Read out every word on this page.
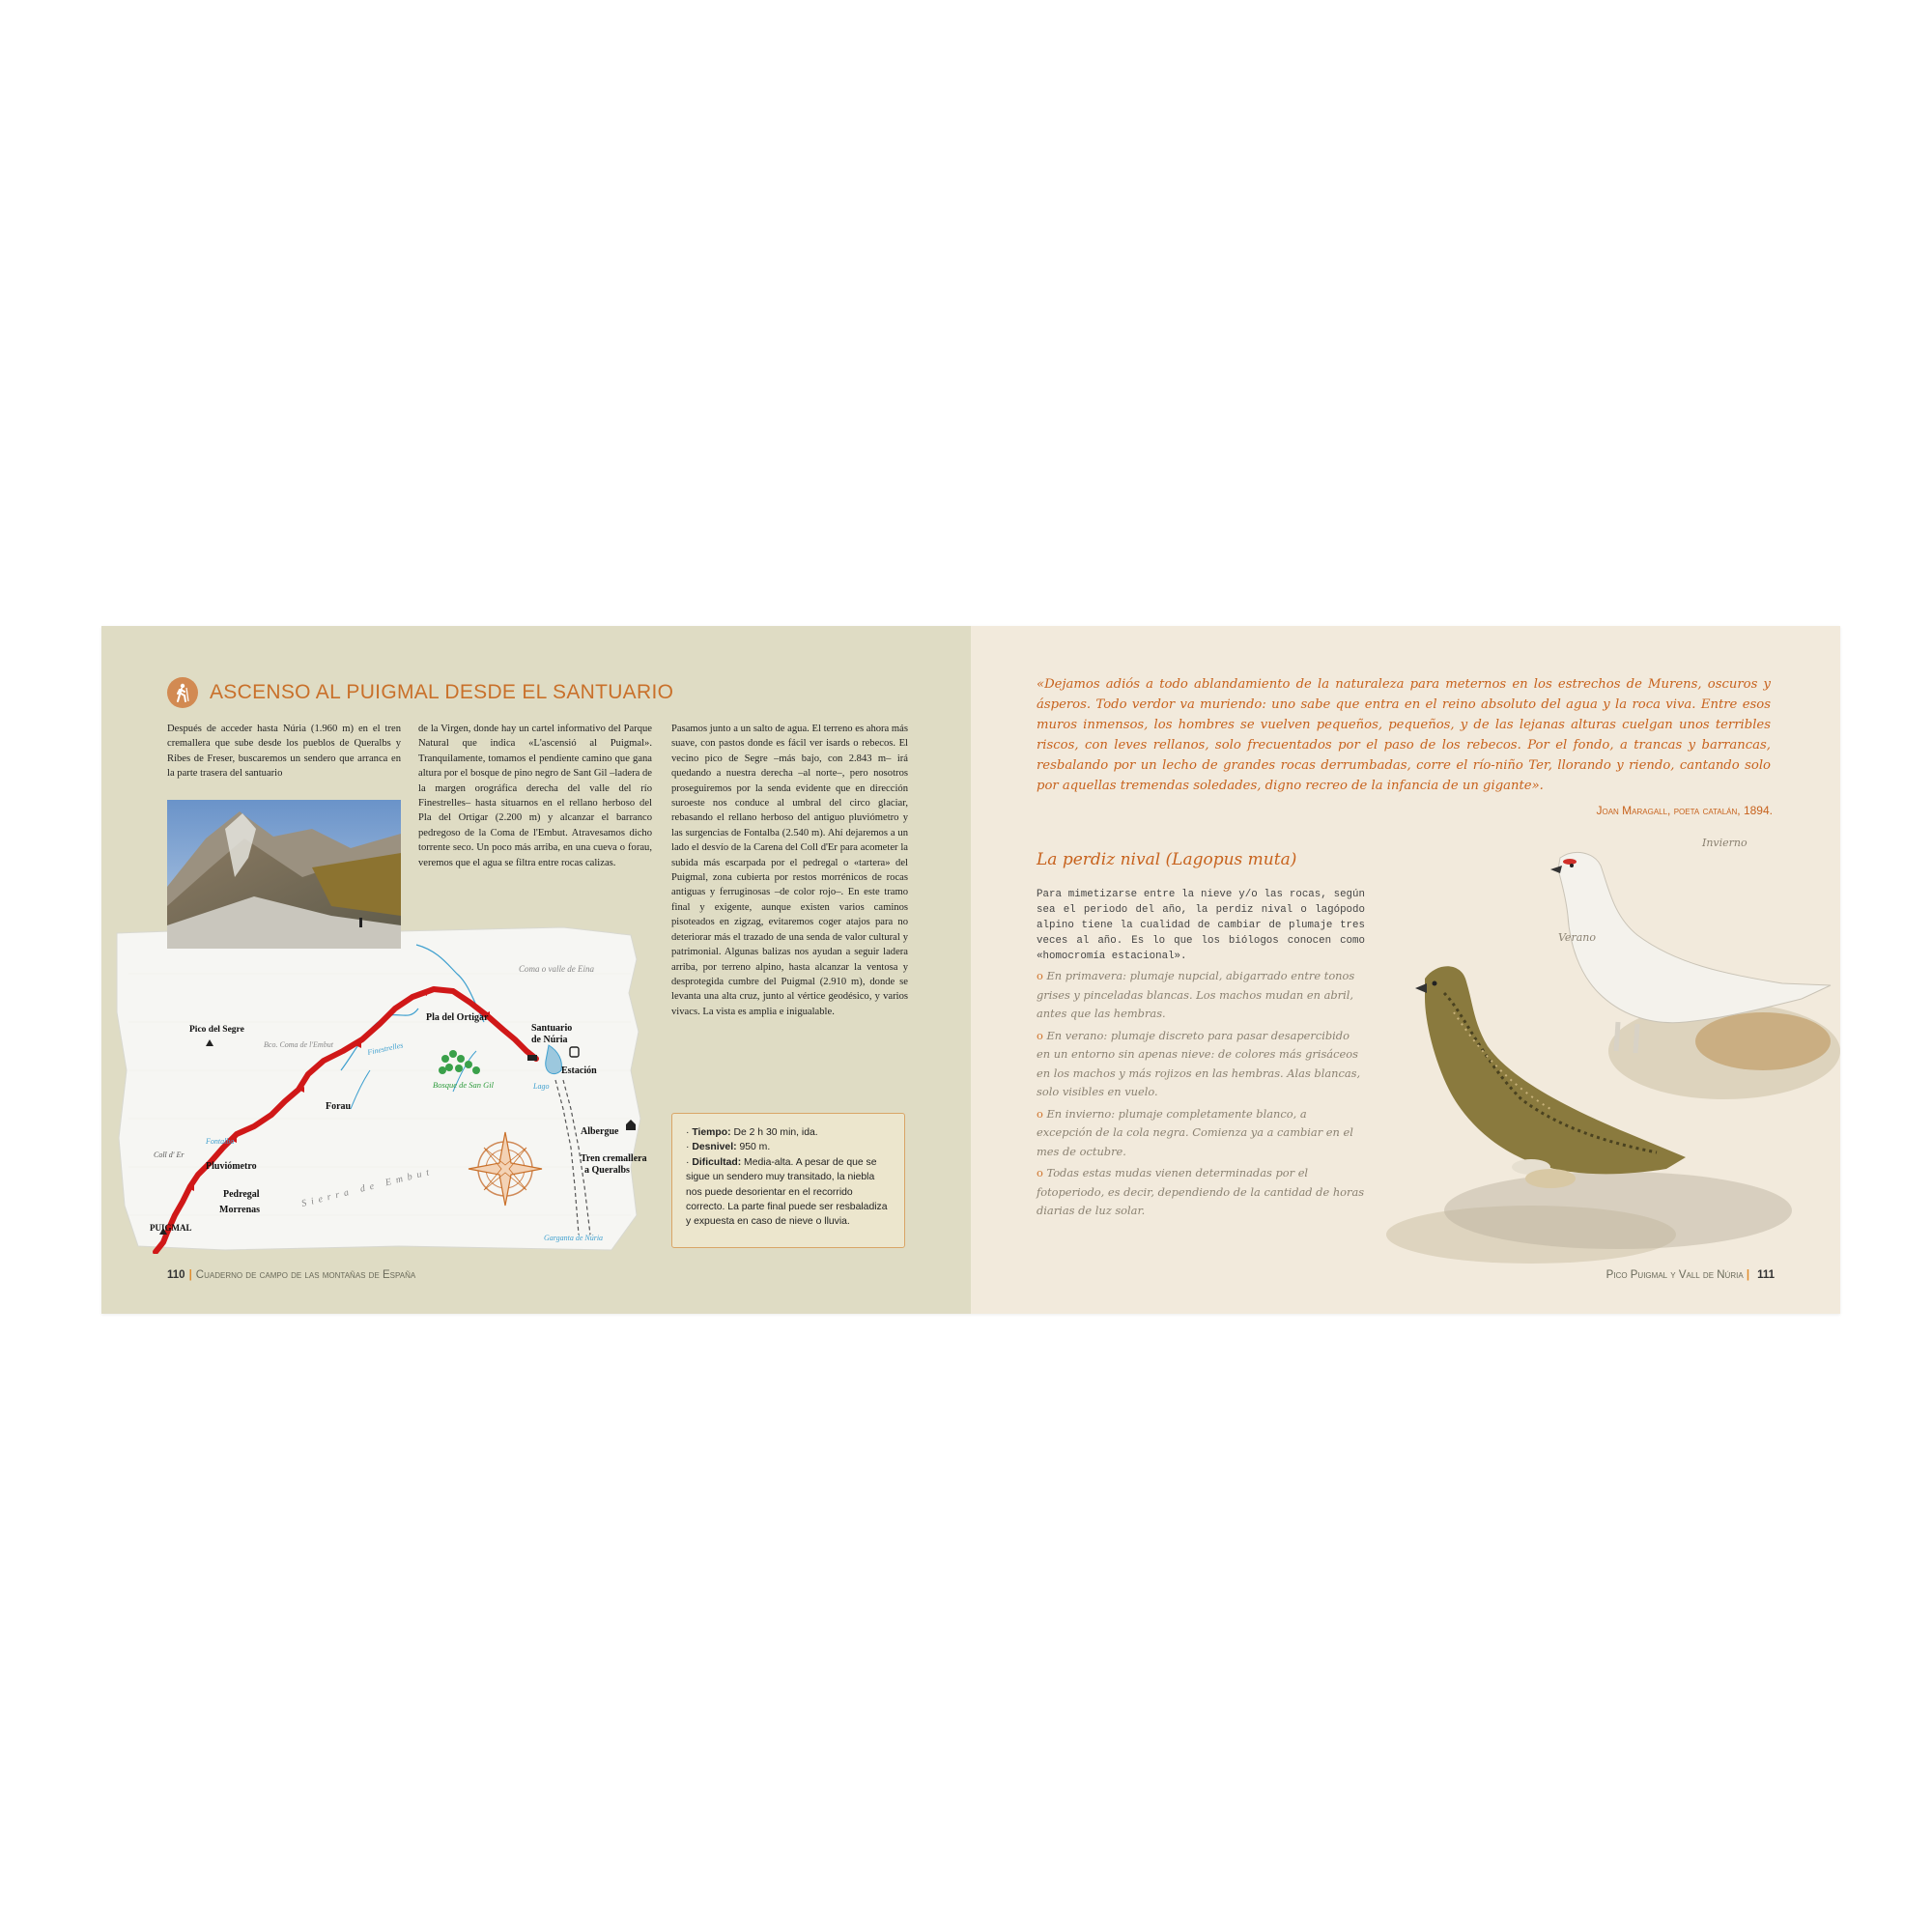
ASCENSO AL PUIGMAL DESDE EL SANTUARIO
Después de acceder hasta Núria (1.960 m) en el tren cremallera que sube desde los pueblos de Queralbs y Ribes de Freser, buscaremos un sendero que arranca en la parte trasera del santuario
de la Virgen, donde hay un cartel informativo del Parque Natural que indica «L'ascensió al Puigmal». Tranquilamente, tomamos el pendiente camino que gana altura por el bosque de pino negro de Sant Gil –ladera de la margen orográfica derecha del valle del río Finestrelles– hasta situarnos en el rellano herboso del Pla del Ortigar (2.200 m) y alcanzar el barranco pedregoso de la Coma de l'Embut. Atravesamos dicho torrente seco. Un poco más arriba, en una cueva o forau, veremos que el agua se filtra entre rocas calizas.
Pasamos junto a un salto de agua. El terreno es ahora más suave, con pastos donde es fácil ver isards o rebecos. El vecino pico de Segre –más bajo, con 2.843 m– irá quedando a nuestra derecha –al norte–, pero nosotros proseguiremos por la senda evidente que en dirección suroeste nos conduce al umbral del circo glaciar, rebasando el rellano herboso del antiguo pluviómetro y las surgencias de Fontalba (2.540 m). Ahí dejaremos a un lado el desvío de la Carena del Coll d'Er para acometer la subida más escarpada por el pedregal o «tartera» del Puigmal, zona cubierta por restos morrénicos de rocas antiguas y ferruginosas –de color rojo–. En este tramo final y exigente, aunque existen varios caminos pisoteados en zigzag, evitaremos coger atajos para no deteriorar más el trazado de una senda de valor cultural y patrimonial. Algunas balizas nos ayudan a seguir ladera arriba, por terreno alpino, hasta alcanzar la ventosa y desprotegida cumbre del Puigmal (2.910 m), donde se levanta una alta cruz, junto al vértice geodésico, y varios vivacs. La vista es amplia e inigualable.
Coma o valle de Eina
Pico del Segre
Bco. Coma de l'Embut
Pla del Ortigar
Santuario
de Núria
Estación
Finestrelles
Bosque de San Gil	Lago
Forau
Fontalba
Coll d' Er
Pluviómetro
Pedregal
Morrenas
Sierra de Embut
Albergue
Tren cremallera
a Queralbs
PUIGMAL
Garganta de Núria

· Tiempo: De 2 h 30 min, ida.

· Desnivel: 950 m.

· Dificultad: Media-alta. A pesar de que se sigue un sendero muy transitado, la niebla nos puede desorientar en el recorrido correcto. La parte final puede ser resbaladiza y expuesta en caso de nieve o lluvia.

110 | Cuaderno de campo de las montañas de España
«Dejamos adiós a todo ablandamiento de la naturaleza para meternos en los estrechos de Murens, oscuros y ásperos. Todo verdor va muriendo: uno sabe que entra en el reino absoluto del agua y la roca viva. Entre esos muros inmensos, los hombres se vuelven pequeños, pequeños, y de las lejanas alturas cuelgan unos terribles riscos, con leves rellanos, solo frecuentados por el paso de los rebecos. Por el fondo, a trancas y barrancas, resbalando por un lecho de grandes rocas derrumbadas, corre el río-niño Ter, llorando y riendo, cantando solo por aquellas tremendas soledades, digno recreo de la infancia de un gigante».
Joan Maragall, poeta catalán, 1894.
La perdiz nival (Lagopus muta)
Para mimetizarse entre la nieve y/o las rocas, según sea el periodo del año, la perdiz nival o lagópodo alpino tiene la cualidad de cambiar de plumaje tres veces al año. Es lo que los biólogos conocen como «homocromía estacional».
o En primavera: plumaje nupcial, abigarrado entre tonos grises y pinceladas blancas. Los machos mudan en abril, antes que las hembras.
o En verano: plumaje discreto para pasar desapercibido en un entorno sin apenas nieve: de colores más grisáceos en los machos y más rojizos en las hembras. Alas blancas, solo visibles en vuelo.
o En invierno: plumaje completamente blanco, a excepción de la cola negra. Comienza ya a cambiar en el mes de octubre.
o Todas estas mudas vienen determinadas por el fotoperiodo, es decir, dependiendo de la cantidad de horas diarias de luz solar.
Invierno
Verano
Pico Puigmal y Vall de Núria | 111
